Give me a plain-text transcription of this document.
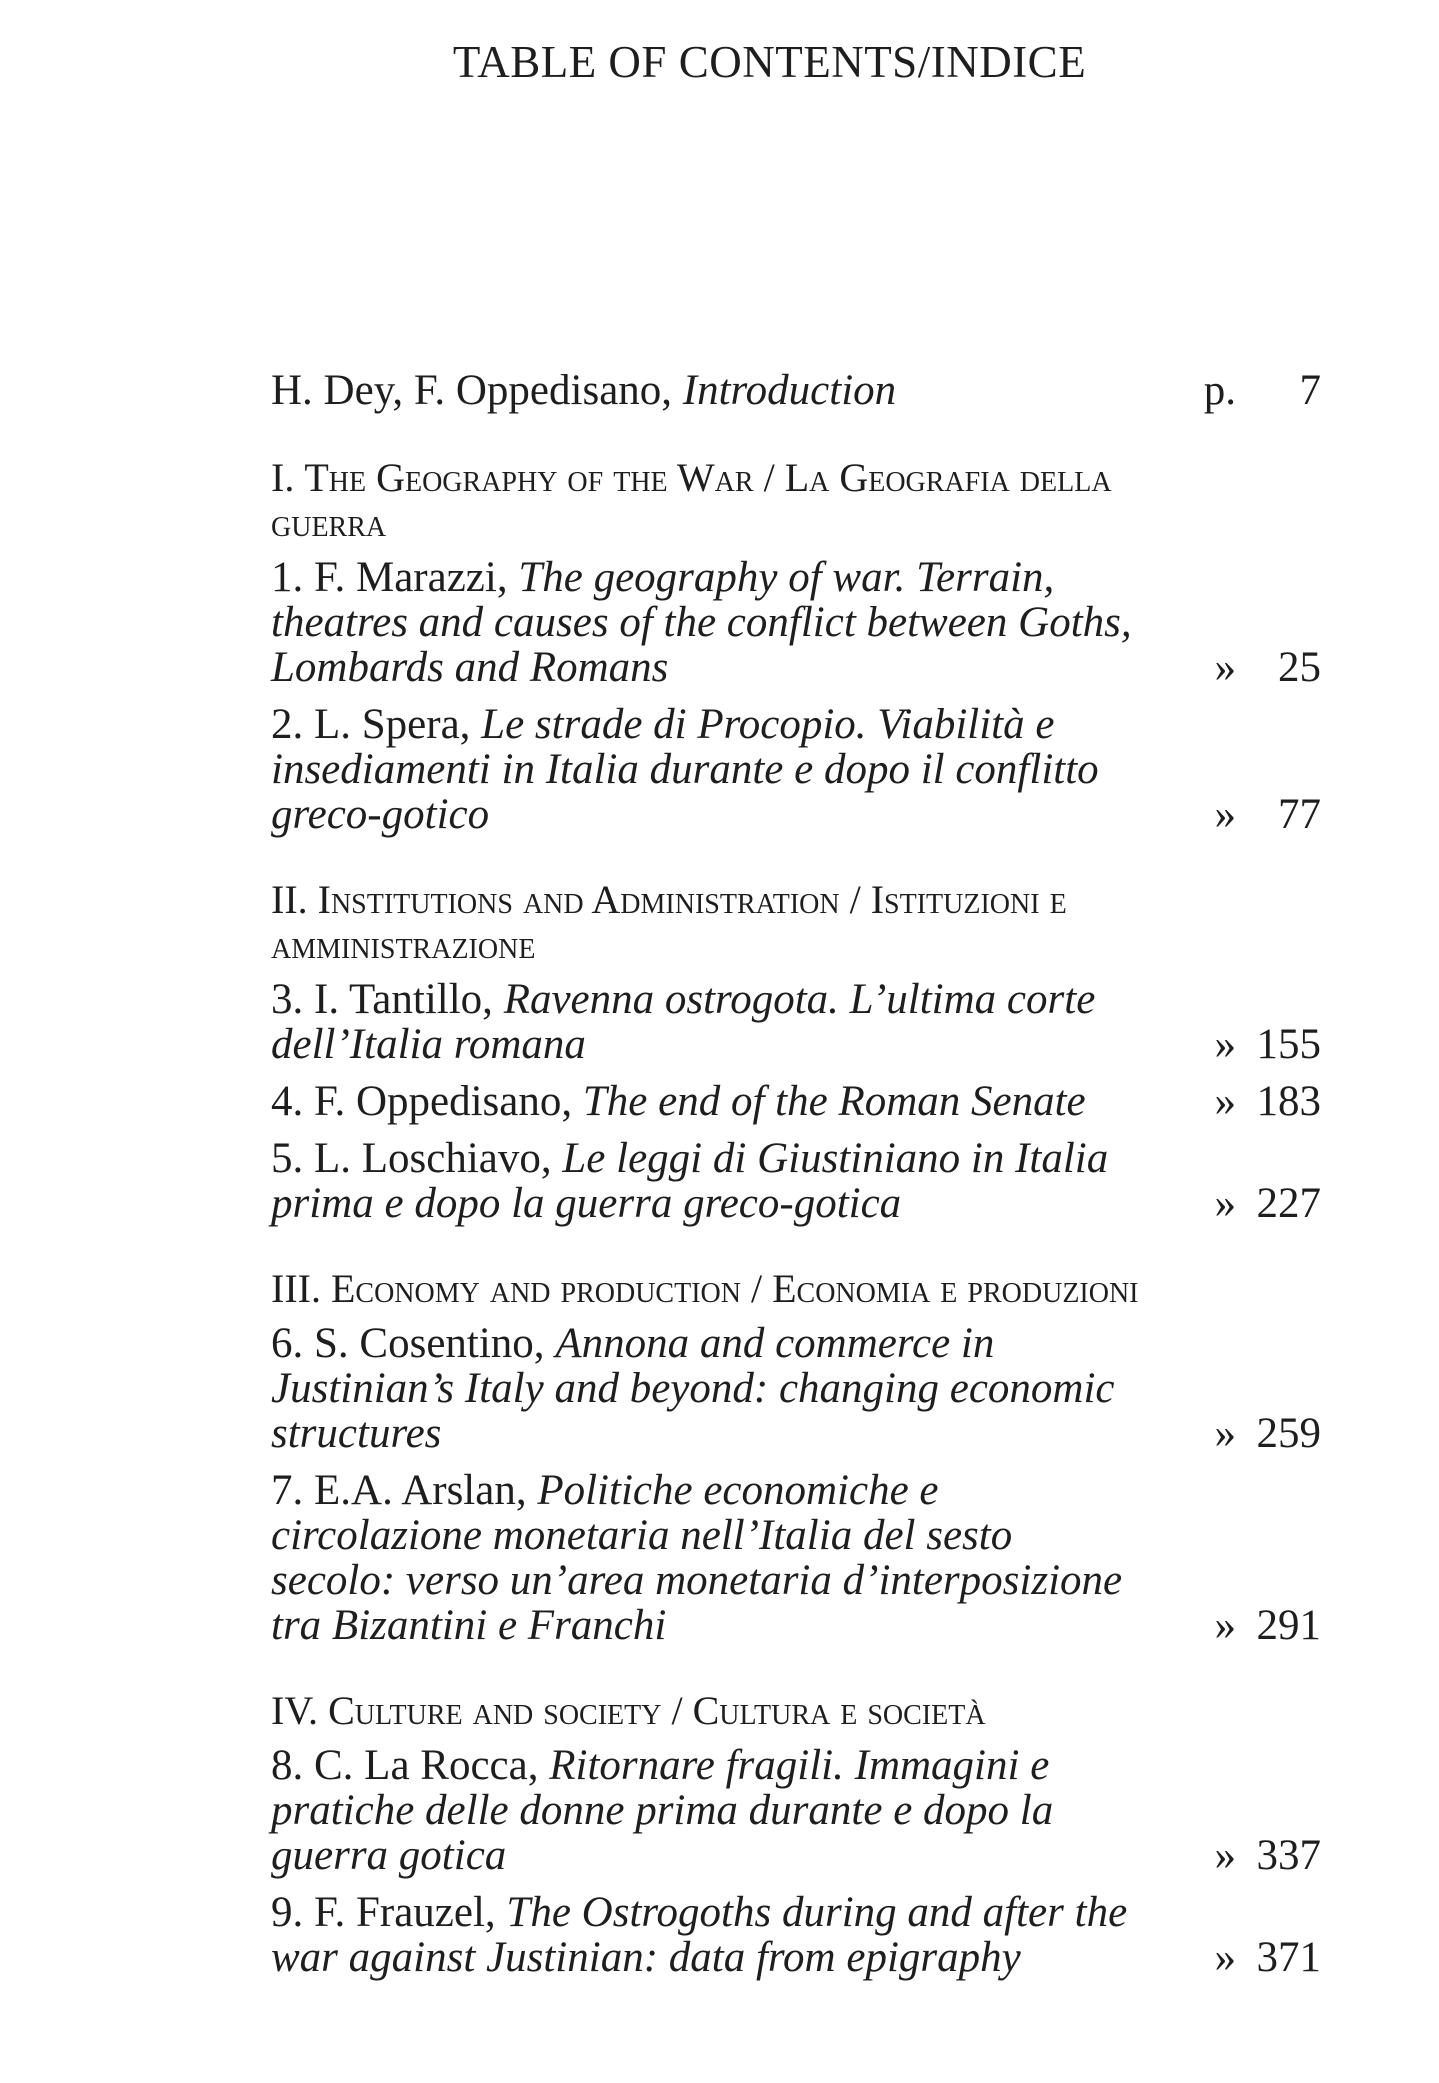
TABLE OF CONTENTS/INDICE
H. Dey, F. Oppedisano, Introduction	p.	7
I. The Geography of the War / La Geografia della guerra
1. F. Marazzi, The geography of war. Terrain, theatres and causes of the conflict between Goths, Lombards and Romans	» 25
2. L. Spera, Le strade di Procopio. Viabilità e insediamenti in Italia durante e dopo il conflitto greco-gotico	» 77
II. Institutions and Administration / Istituzioni e amministrazione
3. I. Tantillo, Ravenna ostrogota. L’ultima corte dell’Italia romana	» 155
4. F. Oppedisano, The end of the Roman Senate	» 183
5. L. Loschiavo, Le leggi di Giustiniano in Italia prima e dopo la guerra greco-gotica	» 227
III. Economy and production / Economia e produzioni
6. S. Cosentino, Annona and commerce in Justinian’s Italy and beyond: changing economic structures	» 259
7. E.A. Arslan, Politiche economiche e circolazione monetaria nell’Italia del sesto secolo: verso un’area monetaria d’interposizione tra Bizantini e Franchi	» 291
IV. Culture and society / Cultura e società
8. C. La Rocca, Ritornare fragili. Immagini e pratiche delle donne prima durante e dopo la guerra gotica	» 337
9. F. Frauzel, The Ostrogoths during and after the war against Justinian: data from epigraphy	» 371
